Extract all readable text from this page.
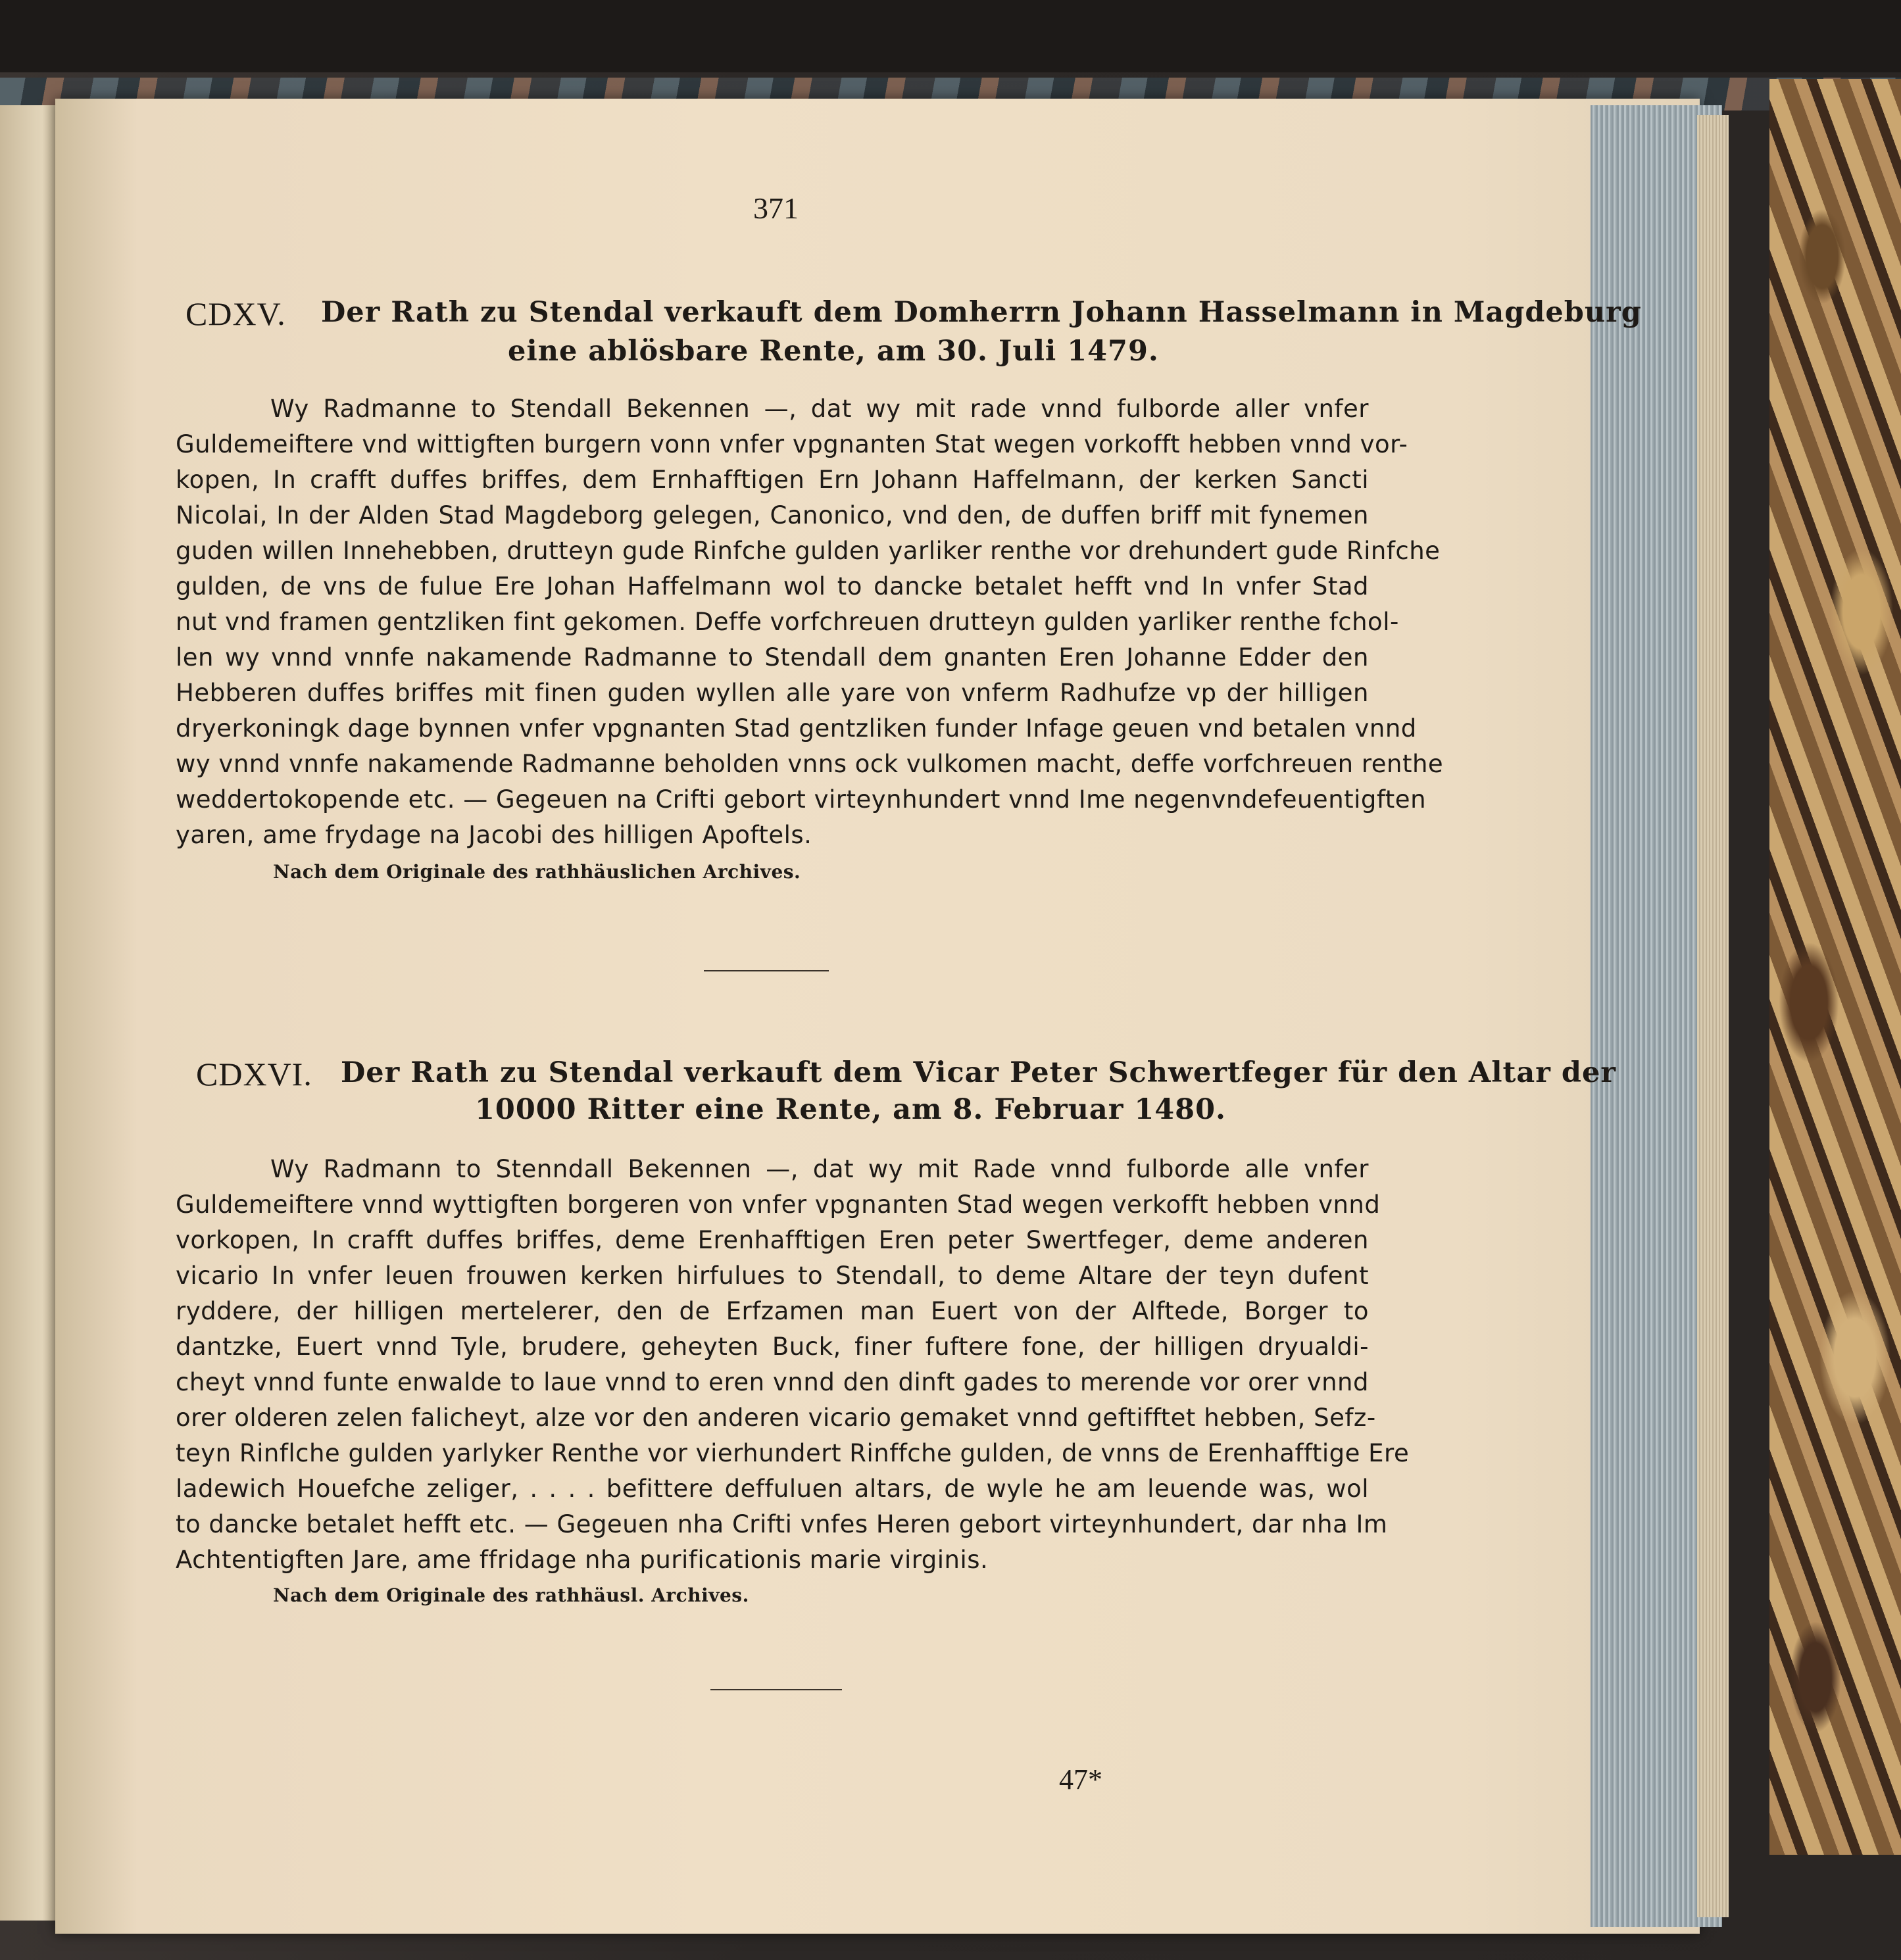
371
CDXV. Der Rath zu Stendal verkauft dem Domherrn Johann Hasselmann in Magdeburg
eine ablösbare Rente, am 30. Juli 1479.
Wy Radmanne to Stendall Bekennen —, dat wy mit rade vnnd fulborde aller vnfer
Guldemeiftere vnd wittigften burgern vonn vnfer vpgnanten Stat wegen vorkofft hebben vnnd vor-
kopen, In crafft duffes briffes, dem Ernhafftigen Ern Johann Haffelmann, der kerken Sancti
Nicolai, In der Alden Stad Magdeborg gelegen, Canonico, vnd den, de duffen briff mit fynemen
guden willen Innehebben, drutteyn gude Rinfche gulden yarliker renthe vor drehundert gude Rinfche
gulden, de vns de fulue Ere Johan Haffelmann wol to dancke betalet hefft vnd In vnfer Stad
nut vnd framen gentzliken fint gekomen. Deffe vorfchreuen drutteyn gulden yarliker renthe fchol-
len wy vnnd vnnfe nakamende Radmanne to Stendall dem gnanten Eren Johanne Edder den
Hebberen duffes briffes mit finen guden wyllen alle yare von vnferm Radhufze vp der hilligen
dryerkoningk dage bynnen vnfer vpgnanten Stad gentzliken funder Infage geuen vnd betalen vnnd
wy vnnd vnnfe nakamende Radmanne beholden vnns ock vulkomen macht, deffe vorfchreuen renthe
weddertokopende etc. — Gegeuen na Crifti gebort virteynhundert vnnd Ime negenvndefeuentigften
yaren, ame frydage na Jacobi des hilligen Apoftels.
Nach dem Originale des rathhäuslichen Archives.
CDXVI. Der Rath zu Stendal verkauft dem Vicar Peter Schwertfeger für den Altar der
10000 Ritter eine Rente, am 8. Februar 1480.
Wy Radmann to Stenndall Bekennen —, dat wy mit Rade vnnd fulborde alle vnfer
Guldemeiftere vnnd wyttigften borgeren von vnfer vpgnanten Stad wegen verkofft hebben vnnd
vorkopen, In crafft duffes briffes, deme Erenhafftigen Eren peter Swertfeger, deme anderen
vicario In vnfer leuen frouwen kerken hirfulues to Stendall, to deme Altare der teyn dufent
ryddere, der hilligen mertelerer, den de Erfzamen man Euert von der Alftede, Borger to
dantzke, Euert vnnd Tyle, brudere, geheyten Buck, finer fuftere fone, der hilligen dryualdi-
cheyt vnnd funte enwalde to laue vnnd to eren vnnd den dinft gades to merende vor orer vnnd
orer olderen zelen falicheyt, alze vor den anderen vicario gemaket vnnd geftifftet hebben, Sefz-
teyn Rinflche gulden yarlyker Renthe vor vierhundert Rinffche gulden, de vnns de Erenhafftige Ere
ladewich Houefche zeliger, . . . . befittere deffuluen altars, de wyle he am leuende was, wol
to dancke betalet hefft etc. — Gegeuen nha Crifti vnfes Heren gebort virteynhundert, dar nha Im
Achtentigften Jare, ame ffridage nha purificationis marie virginis.
Nach dem Originale des rathhäusl. Archives.
47*
